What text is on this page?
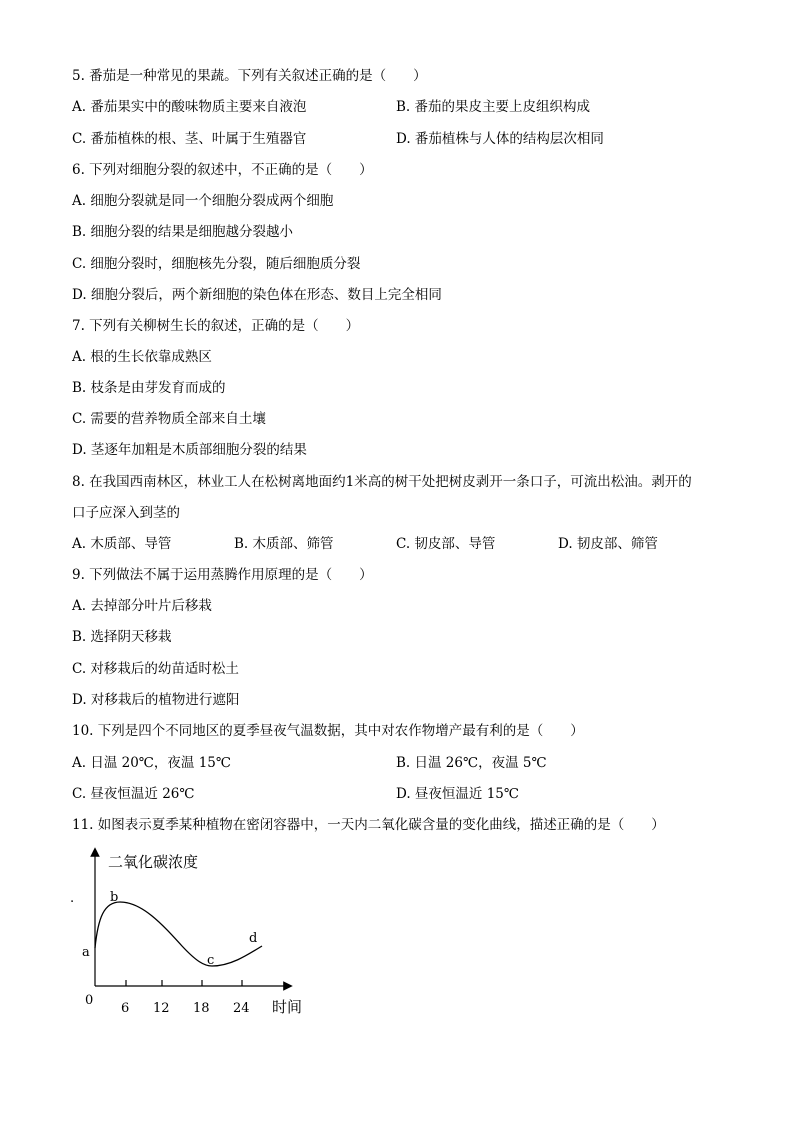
5. 番茄是一种常见的果蔬。下列有关叙述正确的是（　　）
A. 番茄果实中的酸味物质主要来自液泡	B. 番茄的果皮主要上皮组织构成
C. 番茄植株的根、茎、叶属于生殖器官	D. 番茄植株与人体的结构层次相同
6. 下列对细胞分裂的叙述中，不正确的是（　　）
A. 细胞分裂就是同一个细胞分裂成两个细胞
B. 细胞分裂的结果是细胞越分裂越小
C. 细胞分裂时，细胞核先分裂，随后细胞质分裂
D. 细胞分裂后，两个新细胞的染色体在形态、数目上完全相同
7. 下列有关柳树生长的叙述，正确的是（　　）
A. 根的生长依靠成熟区
B. 枝条是由芽发育而成的
C. 需要的营养物质全部来自土壤
D. 茎逐年加粗是木质部细胞分裂的结果
8. 在我国西南林区，林业工人在松树离地面约1米高的树干处把树皮剥开一条口子，可流出松油。剥开的
口子应深入到茎的
A. 木质部、导管	B. 木质部、筛管	C. 韧皮部、导管	D. 韧皮部、筛管
9. 下列做法不属于运用蒸腾作用原理的是（　　）
A. 去掉部分叶片后移栽
B. 选择阴天移栽
C. 对移栽后的幼苗适时松土
D. 对移栽后的植物进行遮阳
10. 下列是四个不同地区的夏季昼夜气温数据，其中对农作物增产最有利的是（　　）
A. 日温 20℃，夜温 15℃	B. 日温 26℃，夜温 5℃
C. 昼夜恒温近 26℃	D. 昼夜恒温近 15℃
11. 如图表示夏季某种植物在密闭容器中，一天内二氧化碳含量的变化曲线，描述正确的是（　　）
二氧化碳浓度
时间
0
6 12 18 24
a
b
c
d
.
